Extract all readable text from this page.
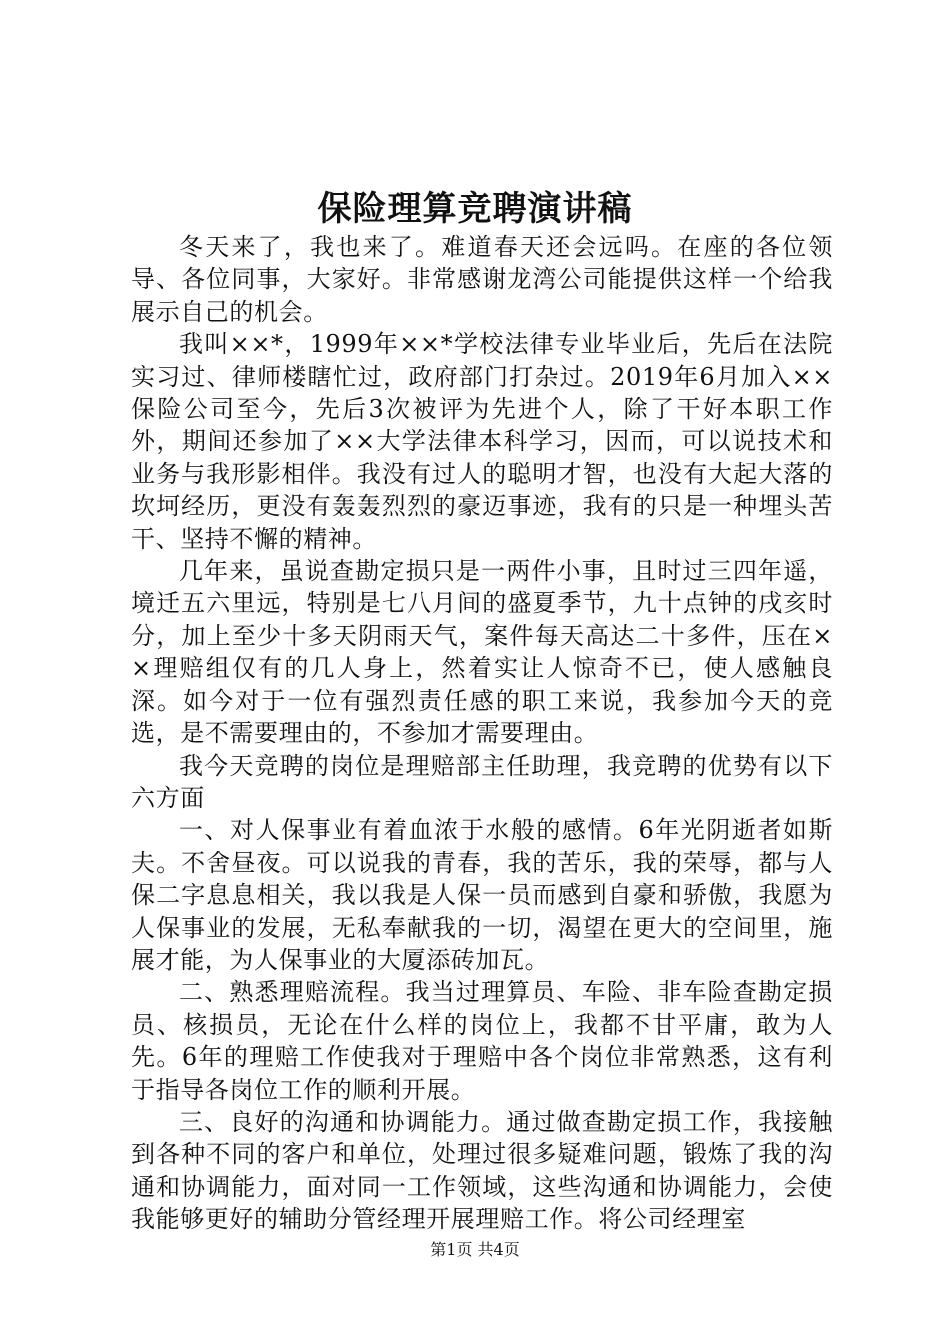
保险理算竞聘演讲稿

冬天来了，我也来了。难道春天还会远吗。在座的各位领导、各位同事，大家好。非常感谢龙湾公司能提供这样一个给我展示自己的机会。

我叫××*，1999年××*学校法律专业毕业后，先后在法院实习过、律师楼瞎忙过，政府部门打杂过。2019年6月加入××保险公司至今，先后3次被评为先进个人，除了干好本职工作外，期间还参加了××大学法律本科学习，因而，可以说技术和业务与我形影相伴。我没有过人的聪明才智，也没有大起大落的坎坷经历，更没有轰轰烈烈的豪迈事迹，我有的只是一种埋头苦干、坚持不懈的精神。

几年来，虽说查勘定损只是一两件小事，且时过三四年遥，境迁五六里远，特别是七八月间的盛夏季节，九十点钟的戌亥时分，加上至少十多天阴雨天气，案件每天高达二十多件，压在××理赔组仅有的几人身上，然着实让人惊奇不已，使人感触良深。如今对于一位有强烈责任感的职工来说，我参加今天的竞选，是不需要理由的，不参加才需要理由。

我今天竞聘的岗位是理赔部主任助理，我竞聘的优势有以下六方面

一、对人保事业有着血浓于水般的感情。6年光阴逝者如斯夫。不舍昼夜。可以说我的青春，我的苦乐，我的荣辱，都与人保二字息息相关，我以我是人保一员而感到自豪和骄傲，我愿为人保事业的发展，无私奉献我的一切，渴望在更大的空间里，施展才能，为人保事业的大厦添砖加瓦。

二、熟悉理赔流程。我当过理算员、车险、非车险查勘定损员、核损员，无论在什么样的岗位上，我都不甘平庸，敢为人先。6年的理赔工作使我对于理赔中各个岗位非常熟悉，这有利于指导各岗位工作的顺利开展。

三、良好的沟通和协调能力。通过做查勘定损工作，我接触到各种不同的客户和单位，处理过很多疑难问题，锻炼了我的沟通和协调能力，面对同一工作领域，这些沟通和协调能力，会使我能够更好的辅助分管经理开展理赔工作。将公司经理室

第1页 共4页
